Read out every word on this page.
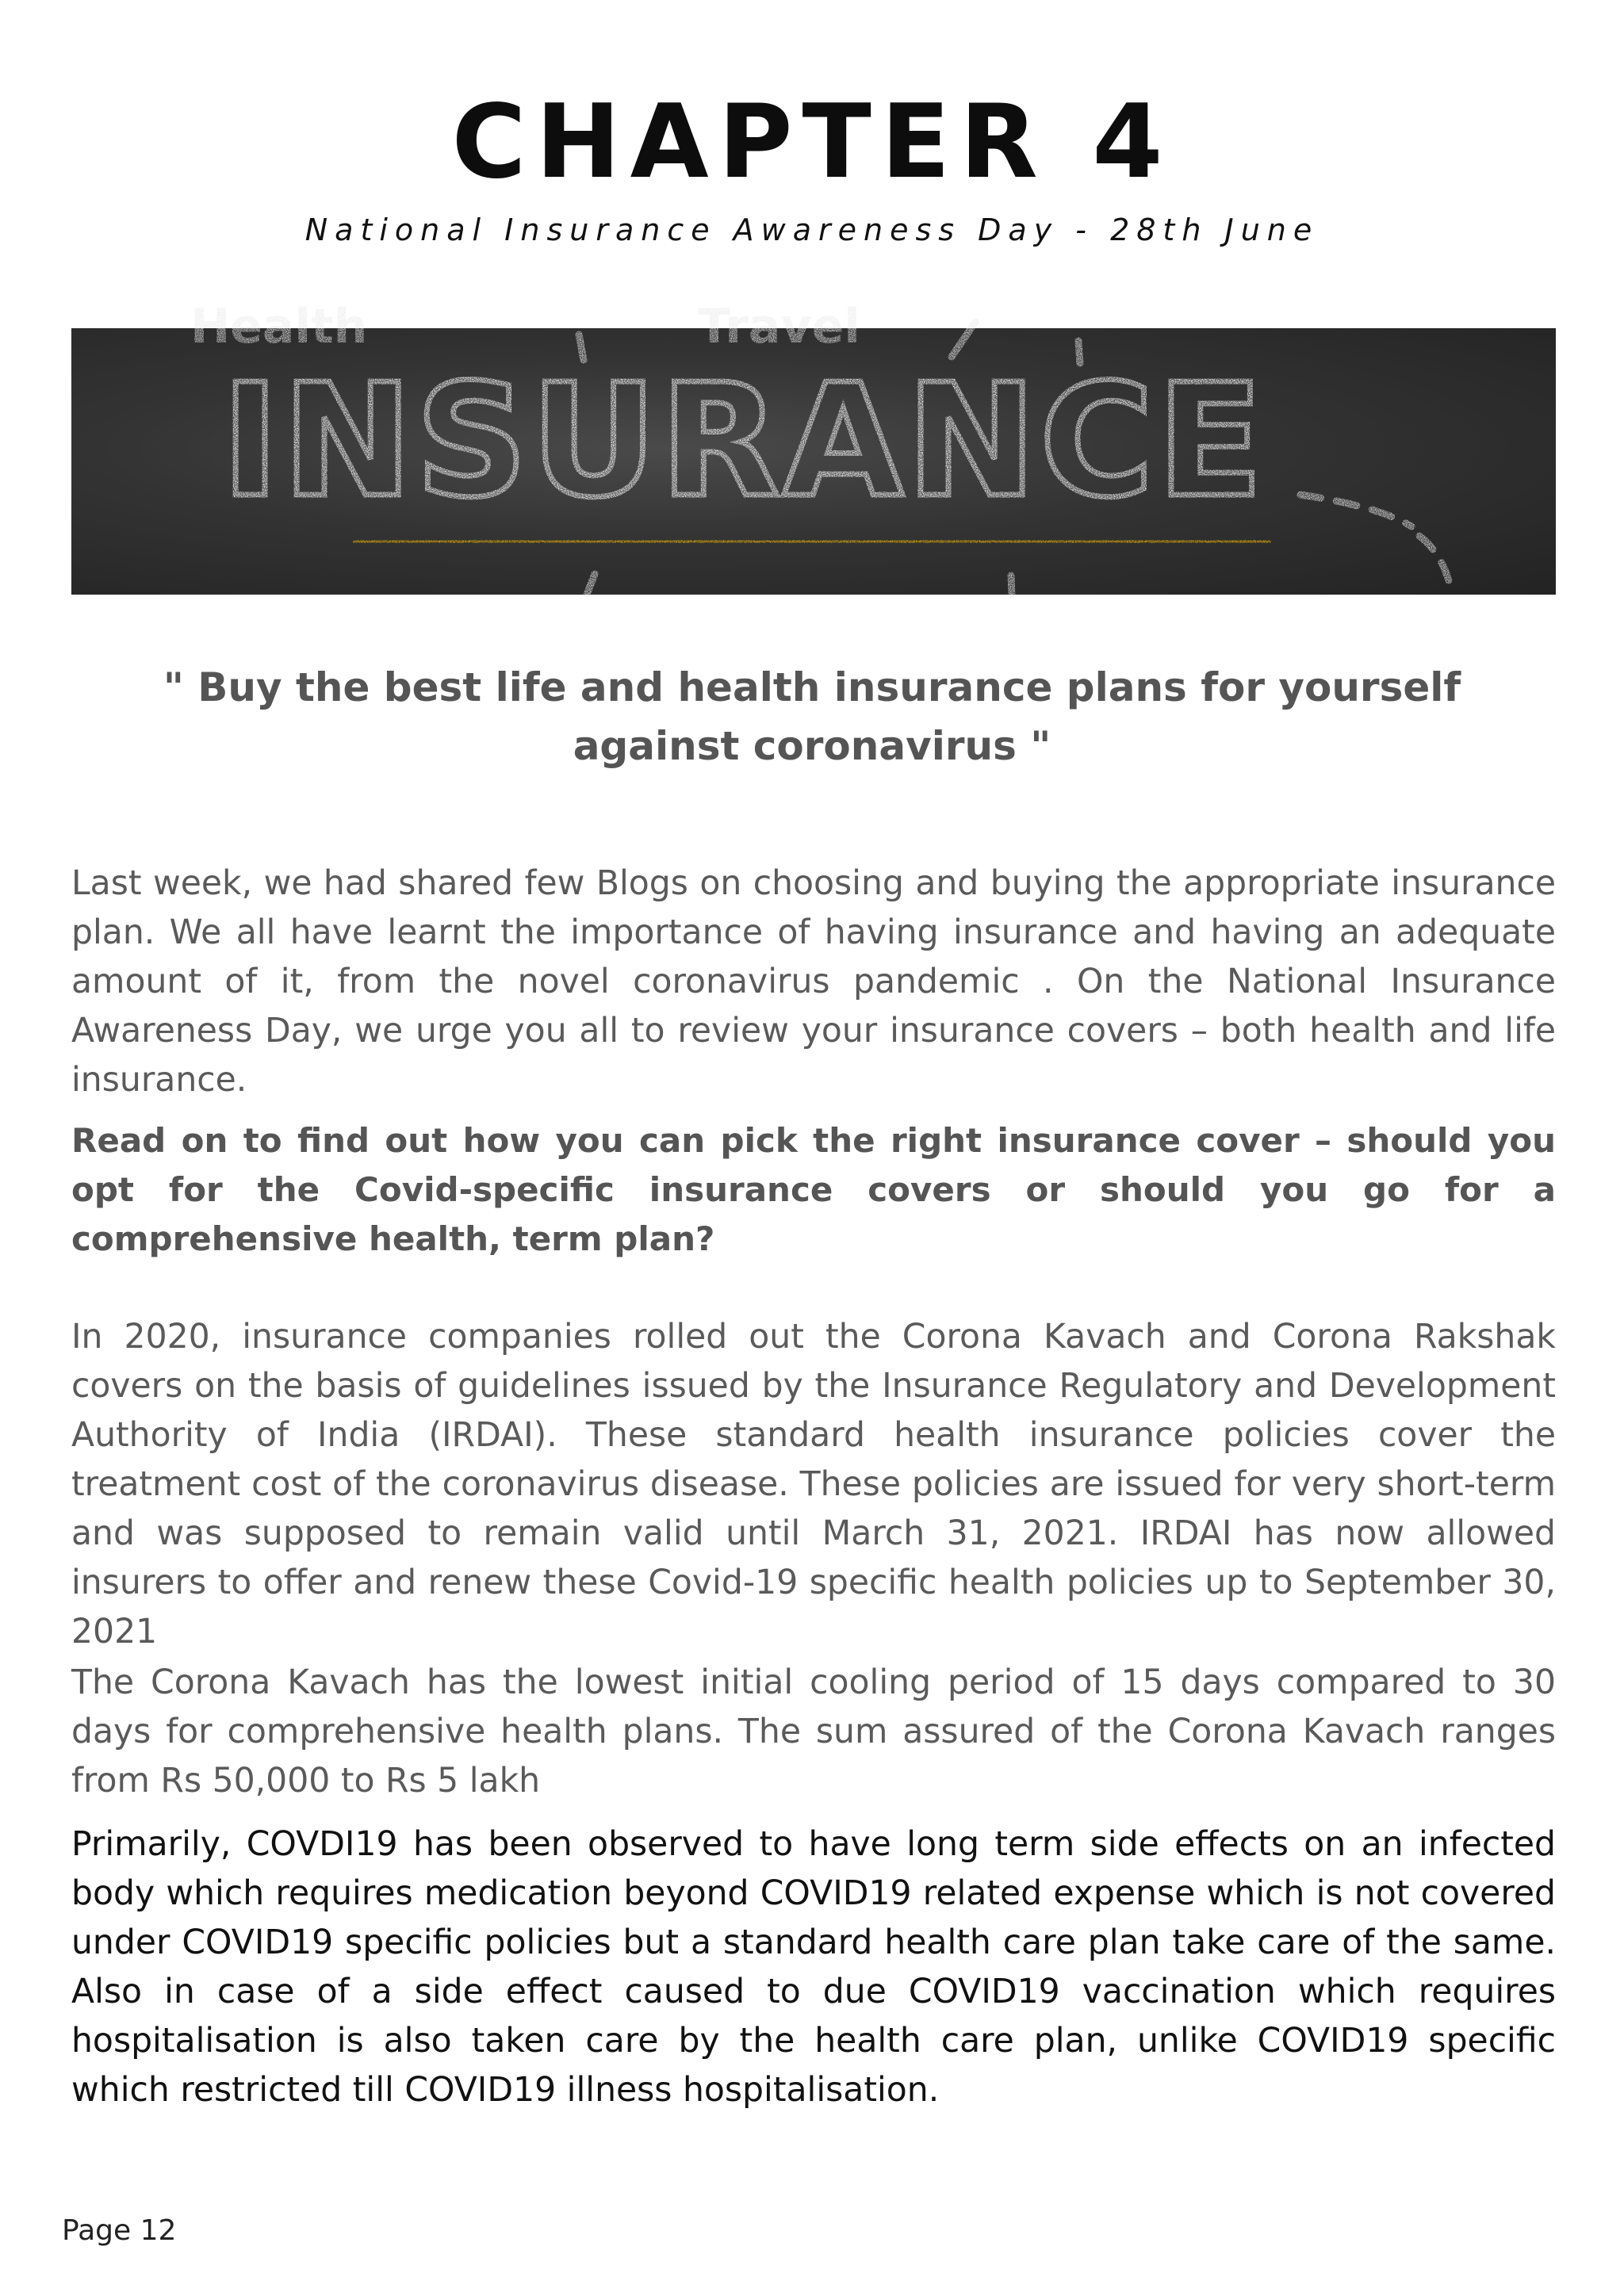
CHAPTER 4
National Insurance Awareness Day - 28th June
Health	Travel
INSURANCE
" Buy the best life and health insurance plans for yourself against coronavirus "

Last week, we had shared few Blogs on choosing and buying the appropriate insurance plan. We all have learnt the importance of having insurance and having an adequate amount of it, from the novel coronavirus pandemic . On the National Insurance Awareness Day, we urge you all to review your insurance covers – both health and life insurance.

Read on to find out how you can pick the right insurance cover – should you opt for the Covid-specific insurance covers or should you go for a comprehensive health, term plan?

In 2020, insurance companies rolled out the Corona Kavach and Corona Rakshak covers on the basis of guidelines issued by the Insurance Regulatory and Development Authority of India (IRDAI). These standard health insurance policies cover the treatment cost of the coronavirus disease. These policies are issued for very short-term and was supposed to remain valid until March 31, 2021. IRDAI has now allowed insurers to offer and renew these Covid-19 specific health policies up to September 30, 2021

The Corona Kavach has the lowest initial cooling period of 15 days compared to 30 days for comprehensive health plans. The sum assured of the Corona Kavach ranges from Rs 50,000 to Rs 5 lakh

Primarily, COVDI19 has been observed to have long term side effects on an infected body which requires medication beyond COVID19 related expense which is not covered under COVID19 specific policies but a standard health care plan take care of the same. Also in case of a side effect caused to due COVID19 vaccination which requires hospitalisation is also taken care by the health care plan, unlike COVID19 specific which restricted till COVID19 illness hospitalisation.

Page 12
